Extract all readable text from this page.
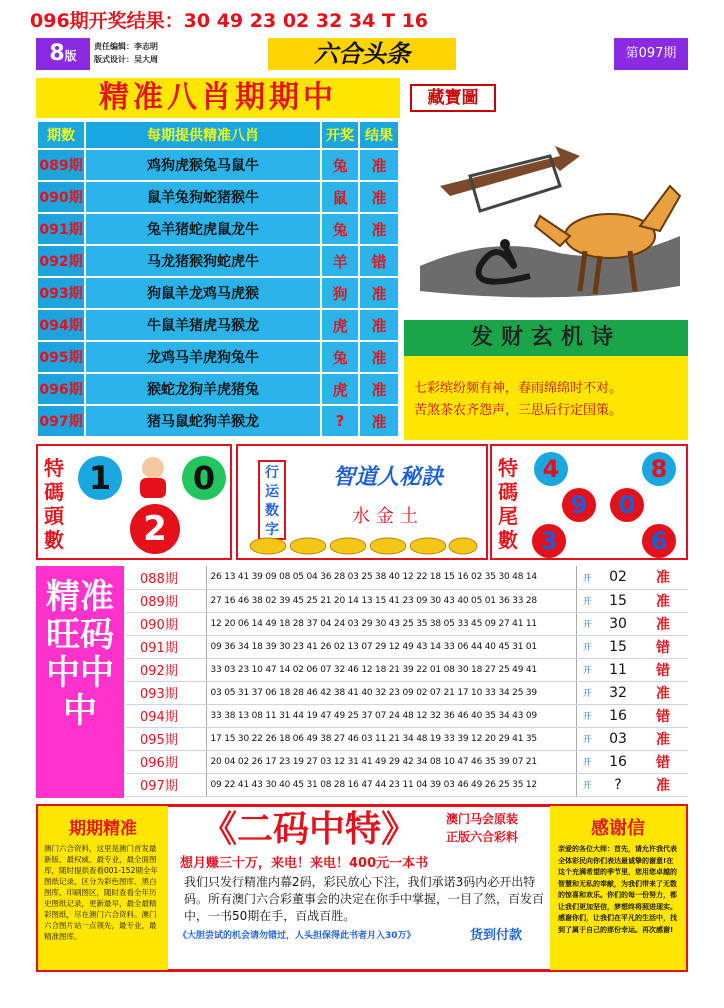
096期开奖结果：30 49 23 02 32 34 T 16
8版
责任编辑：李志明
版式设计：吴大周	六合头条	第097期
精准八肖期期中
期数	每期提供精准八肖	开奖	结果
089期	鸡狗虎猴兔马鼠牛	兔	准
090期	鼠羊兔狗蛇猪猴牛	鼠	准
091期	兔羊猪蛇虎鼠龙牛	兔	准
092期	马龙猪猴狗蛇虎牛	羊	错
093期	狗鼠羊龙鸡马虎猴	狗	准
094期	牛鼠羊猪虎马猴龙	虎	准
095期	龙鸡马羊虎狗兔牛	兔	准
096期	猴蛇龙狗羊虎猪兔	虎	准
097期	猪马鼠蛇狗羊猴龙	?	准
藏寶圖
发财玄机诗
七彩缤纷频有神，春雨绵绵时不对。
苦煞茶农齐怨声，三思后行定国策。
特碼頭數
1	0
2
行运数字
智道人秘訣
水金土
特碼尾數
4	8
9	0
3	6
精准旺码中中中
088期	26 13 41 39 09 08 05 04 36 28 03 25 38 40 12 22 18 15 16 02 35 30 48 14	开	02	准
089期	27 16 46 38 02 39 45 25 21 20 14 13 15 41 23 09 30 43 40 05 01 36 33 28	开	15	准
090期	12 20 06 14 49 18 28 37 04 24 03 29 30 43 25 35 38 05 33 45 09 27 41 11	开	30	准
091期	09 36 34 18 39 30 23 41 26 02 13 07 29 12 49 43 14 33 06 44 40 45 31 01	开	15	错
092期	33 03 23 10 47 14 02 06 07 32 46 12 18 21 39 22 01 08 30 18 27 25 49 41	开	11	错
093期	03 05 31 37 06 18 28 46 42 38 41 40 32 23 09 02 07 21 17 10 33 34 25 39	开	32	准
094期	33 38 13 08 11 31 44 19 47 49 25 37 07 24 48 12 32 36 46 40 35 34 43 09	开	16	错
095期	17 15 30 22 26 18 06 49 38 27 46 03 11 21 34 48 19 33 39 12 20 29 41 35	开	03	准
096期	20 04 02 26 17 23 19 27 03 12 31 41 49 29 42 34 08 10 47 46 35 39 07 21	开	16	错
097期	09 22 41 43 30 40 45 31 08 28 16 47 44 23 11 04 39 03 46 49 26 25 35 12	开	?	准
期期精准

澳门六合资料，这里是澳门首发最新版、最权威、最专业，最全面图库，随时提供查看001-152期全年图纸记录，区分为彩色图库、黑白图库、印刷图区，随时查看全年历史图纸记录，更新最早，最全最精彩图纸，尽在澳门六合资料。澳门六合图片站一点领先，最专业，最精准图库。

《二码中特》	澳门马会原装
正版六合彩料
想月赚三十万，来电！来电！400元一本书
我们只发行精准内幕2码，彩民放心下注，我们承诺3码内必开出特码。所有澳门六合彩董事会的决定在你手中掌握，一目了然，百发百中，一书50期在手，百战百胜。
《大胆尝试的机会请勿错过，人头担保得此书者月入30万》	货到付款
感谢信

亲爱的各位大师：首先，请允许我代表全体彩民向你们表达最诚挚的谢意!在这个充满希望的季节里，您用您卓越的智慧和无私的奉献，为我们带来了无数的惊喜和欢乐。你们的每一份努力，都让我们更加坚信，梦想终将照进现实。感谢你们，让我们在平凡的生活中，找到了属于自己的那份幸运。再次感谢!
